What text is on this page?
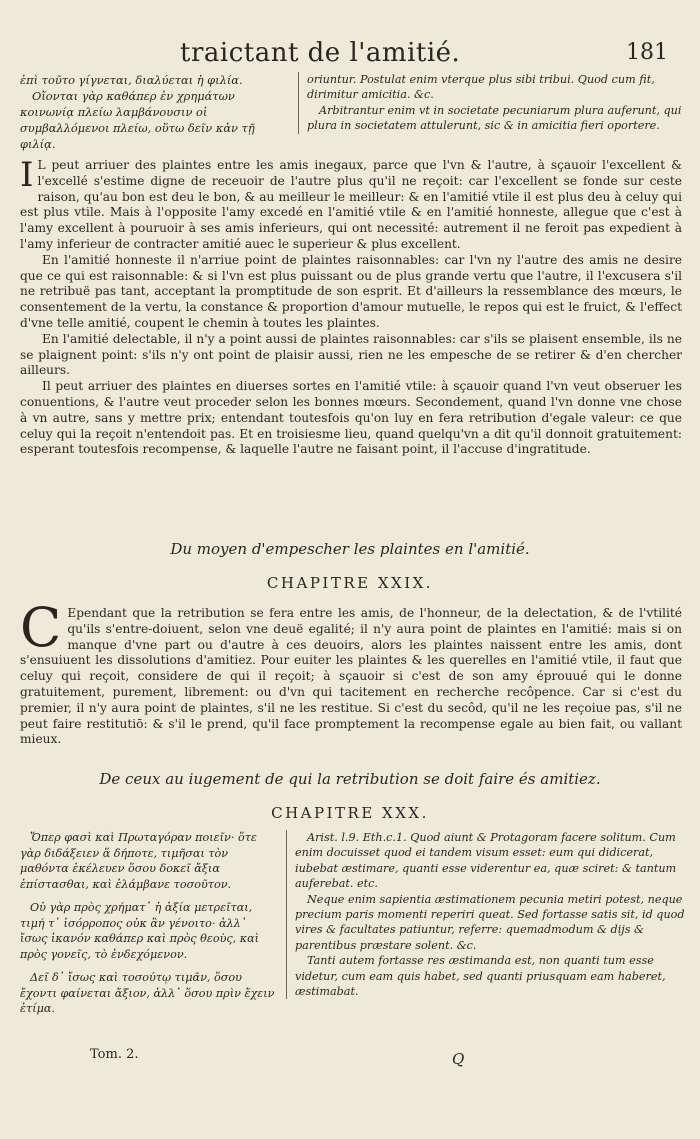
traictant de l'amitié.	181

ἐπὶ τοῦτο γίγνεται, διαλύεται ἡ φιλία.

Οἴονται γὰρ καθάπερ ἐν χρημάτων κοινωνίᾳ πλείω λαμβάνουσιν οἱ συμβαλλόμενοι πλείω, οὕτω δεῖν κἀν τῇ φιλίᾳ.

oriuntur. Postulat enim vterque plus sibi tribui. Quod cum fit, dirimitur amicitia. &c.

Arbitrantur enim vt in societate pecuniarum plura auferunt, qui plura in societatem attulerunt, sic & in amicitia fieri oportere.

I L peut arriuer des plaintes entre les amis inegaux, parce que l'vn & l'autre, à sçauoir l'excellent & l'excellé s'estime digne de receuoir de l'autre plus qu'il ne reçoit: car l'excellent se fonde sur ceste raison, qu'au bon est deu le bon, & au meilleur le meilleur: & en l'amitié vtile il est plus deu à celuy qui est plus vtile. Mais à l'opposite l'amy excedé en l'amitié vtile & en l'amitié honneste, allegue que c'est à l'amy excellent à pouruoir à ses amis inferieurs, qui ont necessité: autrement il ne feroit pas expedient à l'amy inferieur de contracter amitié auec le superieur & plus excellent.

En l'amitié honneste il n'arriue point de plaintes raisonnables: car l'vn ny l'autre des amis ne desire que ce qui est raisonnable: & si l'vn est plus puissant ou de plus grande vertu que l'autre, il l'excusera s'il ne retribuë pas tant, acceptant la promptitude de son esprit. Et d'ailleurs la ressemblance des mœurs, le consentement de la vertu, la constance & proportion d'amour mutuelle, le repos qui est le fruict, & l'effect d'vne telle amitié, coupent le chemin à toutes les plaintes.

En l'amitié delectable, il n'y a point aussi de plaintes raisonnables: car s'ils se plaisent ensemble, ils ne se plaignent point: s'ils n'y ont point de plaisir aussi, rien ne les empesche de se retirer & d'en chercher ailleurs.

Il peut arriuer des plaintes en diuerses sortes en l'amitié vtile: à sçauoir quand l'vn veut obseruer les conuentions, & l'autre veut proceder selon les bonnes mœurs. Secondement, quand l'vn donne vne chose à vn autre, sans y mettre prix; entendant toutesfois qu'on luy en fera retribution d'egale valeur: ce que celuy qui la reçoit n'entendoit pas. Et en troisiesme lieu, quand quelqu'vn a dit qu'il donnoit gratuitement: esperant toutesfois recompense, & laquelle l'autre ne faisant point, il l'accuse d'ingratitude.

Du moyen d'empescher les plaintes en l'amitié.
CHAPITRE XXIX.

C Ependant que la retribution se fera entre les amis, de l'honneur, de la delectation, & de l'vtilité qu'ils s'entre-doiuent, selon vne deuë egalité; il n'y aura point de plaintes en l'amitié: mais si on manque d'vne part ou d'autre à ces deuoirs, alors les plaintes naissent entre les amis, dont s'ensuiuent les dissolutions d'amitiez. Pour euiter les plaintes & les querelles en l'amitié vtile, il faut que celuy qui reçoit, considere de qui il reçoit; à sçauoir si c'est de son amy éprouué qui le donne gratuitement, purement, librement: ou d'vn qui tacitement en recherche recôpence. Car si c'est du premier, il n'y aura point de plaintes, s'il ne les restitue. Si c'est du secôd, qu'il ne les reçoiue pas, s'il ne peut faire restitutiō: & s'il le prend, qu'il face promptement la recompense egale au bien fait, ou vallant mieux.

De ceux au iugement de qui la retribution se doit faire és amitiez.
CHAPITRE XXX.

Ὅπερ φασὶ καὶ Πρωταγόραν ποιεῖν· ὅτε γὰρ διδάξειεν ἅ δήποτε, τιμῆσαι τὸν μαθόντα ἐκέλευεν ὅσου δοκεῖ ἄξια ἐπίστασθαι, καὶ ἐλάμβανε τοσοῦτον.

Οὐ γὰρ πρὸς χρήματ᾽ ἡ ἀξία μετρεῖται, τιμή τ᾽ ἰσόρροπος οὐκ ἂν γένοιτο· ἀλλ᾽ ἴσως ἱκανόν καθάπερ καὶ πρὸς θεοὺς, καὶ πρὸς γονεῖς, τὸ ἐνδεχόμενον.

Δεῖ δ᾽ ἴσως καὶ τοσούτῳ τιμᾶν, ὅσου ἔχοντι φαίνεται ἄξιον, ἀλλ᾽ ὅσου πρὶν ἔχειν ἐτίμα.

Arist. l.9. Eth.c.1. Quod aiunt & Protagoram facere solitum. Cum enim docuisset quod ei tandem visum esset: eum qui didicerat, iubebat æstimare, quanti esse viderentur ea, quæ sciret: & tantum auferebat. etc.

Neque enim sapientia æstimationem pecunia metiri potest, neque precium paris momenti reperiri queat. Sed fortasse satis sit, id quod vires & facultates patiuntur, referre: quemadmodum & dijs & parentibus præstare solent. &c.

Tanti autem fortasse res æstimanda est, non quanti tum esse videtur, cum eam quis habet, sed quanti priusquam eam haberet, æstimabat.

Tom. 2.	Q
